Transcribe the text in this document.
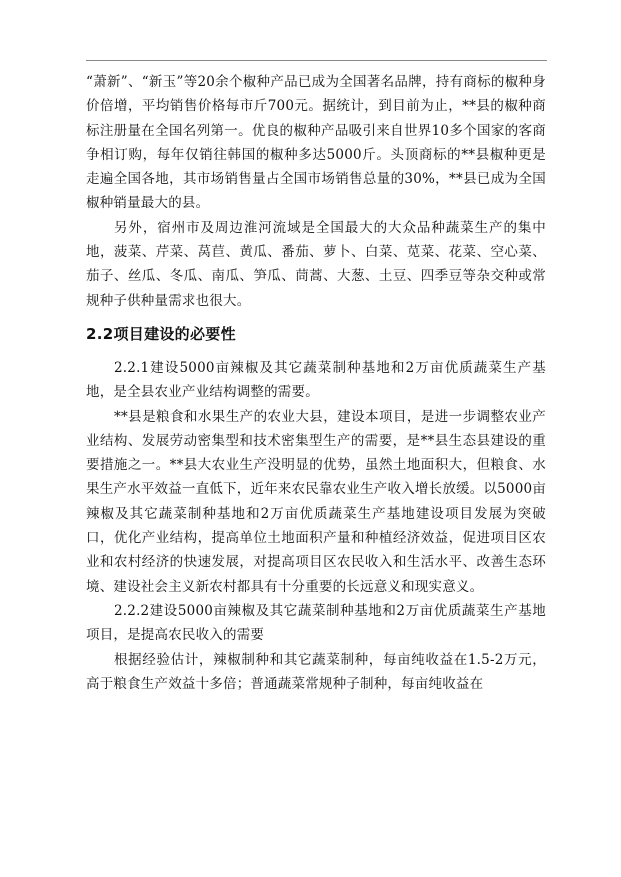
“萧新”、“新玉”等20余个椒种产品已成为全国著名品牌，持有商标的椒种身价倍增，平均销售价格每市斤700元。据统计，到目前为止，**县的椒种商标注册量在全国名列第一。优良的椒种产品吸引来自世界10多个国家的客商争相订购，每年仅销往韩国的椒种多达5000斤。头顶商标的**县椒种更是走遍全国各地，其市场销售量占全国市场销售总量的30%，**县已成为全国椒种销量最大的县。

另外，宿州市及周边淮河流域是全国最大的大众品种蔬菜生产的集中地，菠菜、芹菜、莴苣、黄瓜、番茄、萝卜、白菜、苋菜、花菜、空心菜、茄子、丝瓜、冬瓜、南瓜、笋瓜、茼蒿、大葱、土豆、四季豆等杂交种或常规种子供种量需求也很大。

2.2项目建设的必要性

2.2.1建设5000亩辣椒及其它蔬菜制种基地和2万亩优质蔬菜生产基地，是全县农业产业结构调整的需要。

**县是粮食和水果生产的农业大县，建设本项目，是进一步调整农业产业结构、发展劳动密集型和技术密集型生产的需要，是**县生态县建设的重要措施之一。**县大农业生产没明显的优势，虽然土地面积大，但粮食、水果生产水平效益一直低下，近年来农民靠农业生产收入增长放缓。以5000亩辣椒及其它蔬菜制种基地和2万亩优质蔬菜生产基地建设项目发展为突破口，优化产业结构，提高单位土地面积产量和种植经济效益，促进项目区农业和农村经济的快速发展，对提高项目区农民收入和生活水平、改善生态环境、建设社会主义新农村都具有十分重要的长远意义和现实意义。

2.2.2建设5000亩辣椒及其它蔬菜制种基地和2万亩优质蔬菜生产基地项目，是提高农民收入的需要

根据经验估计，辣椒制种和其它蔬菜制种，每亩纯收益在1.5-2万元，高于粮食生产效益十多倍；普通蔬菜常规种子制种，每亩纯收益在
